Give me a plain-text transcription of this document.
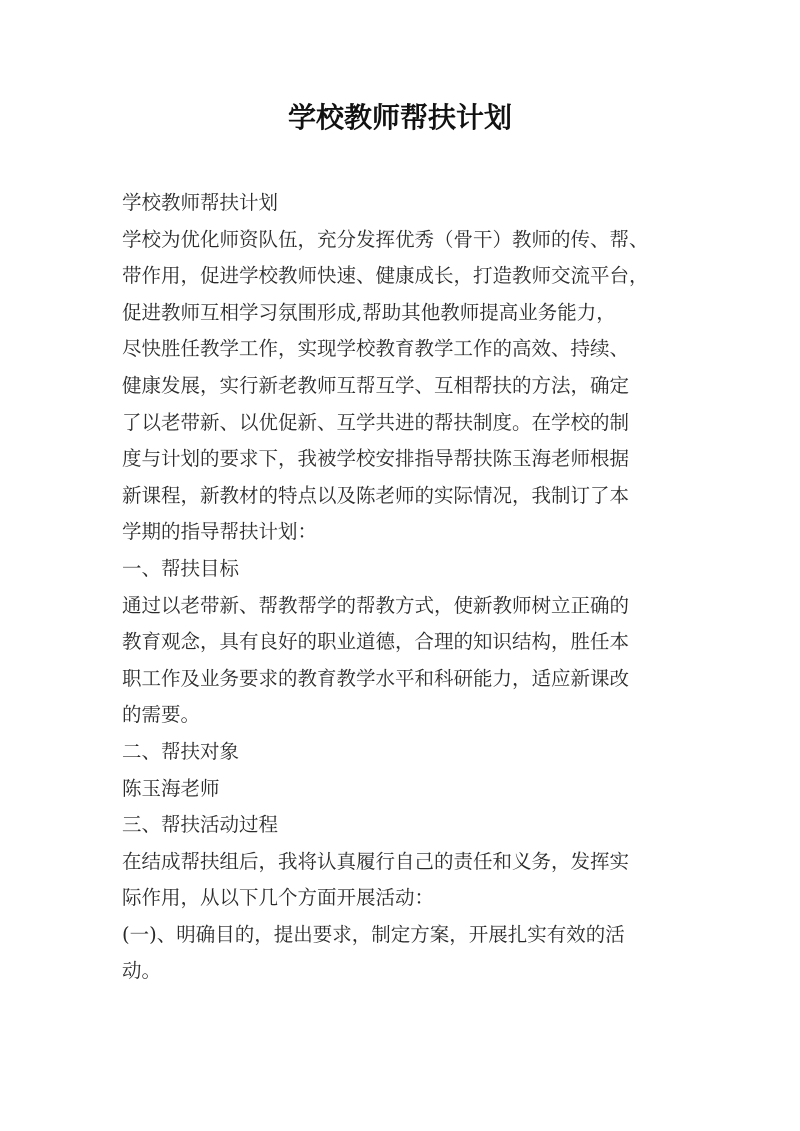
学校教师帮扶计划
学校教师帮扶计划
学校为优化师资队伍，充分发挥优秀（骨干）教师的传、帮、
带作用，促进学校教师快速、健康成长，打造教师交流平台，
促进教师互相学习氛围形成,帮助其他教师提高业务能力，
尽快胜任教学工作，实现学校教育教学工作的高效、持续、
健康发展，实行新老教师互帮互学、互相帮扶的方法，确定
了以老带新、以优促新、互学共进的帮扶制度。在学校的制
度与计划的要求下，我被学校安排指导帮扶陈玉海老师根据
新课程，新教材的特点以及陈老师的实际情况，我制订了本
学期的指导帮扶计划：
一、帮扶目标
通过以老带新、帮教帮学的帮教方式，使新教师树立正确的
教育观念，具有良好的职业道德，合理的知识结构，胜任本
职工作及业务要求的教育教学水平和科研能力，适应新课改
的需要。
二、帮扶对象
陈玉海老师
三、帮扶活动过程
在结成帮扶组后，我将认真履行自己的责任和义务，发挥实
际作用，从以下几个方面开展活动：
(一)、明确目的，提出要求，制定方案，开展扎实有效的活
动。
